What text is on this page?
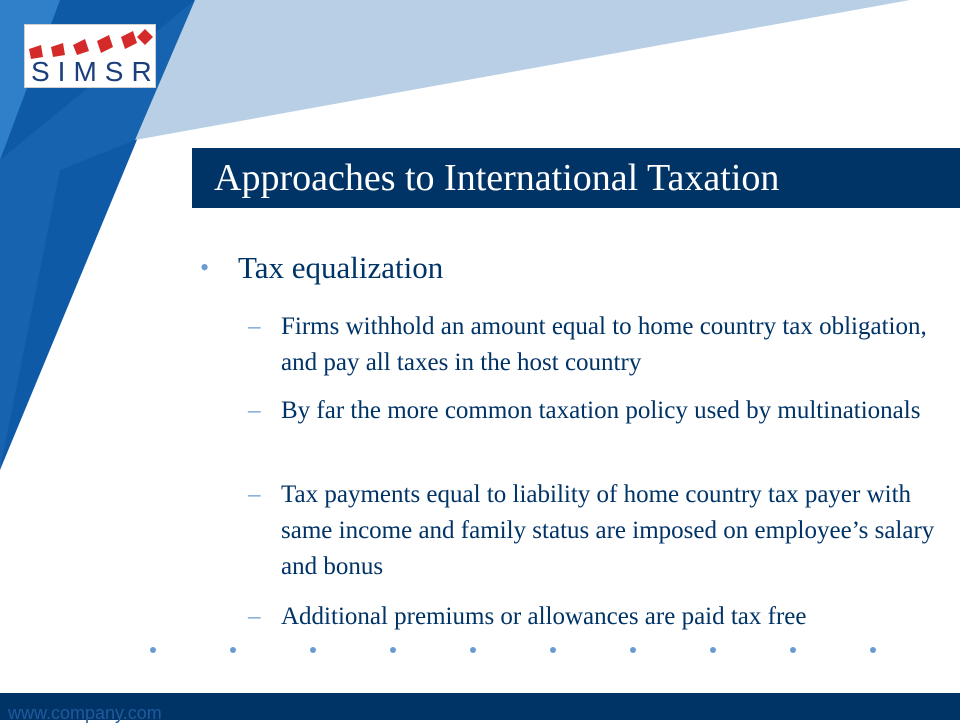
SIMSR
Approaches to International Taxation
• Tax equalization
– Firms withhold an amount equal to home country tax obligation, and pay all taxes in the host country
– By far the more common taxation policy used by multinationals
– Tax payments equal to liability of home country tax payer with same income and family status are imposed on employee’s salary and bonus
– Additional premiums or allowances are paid tax free
www.company.com
